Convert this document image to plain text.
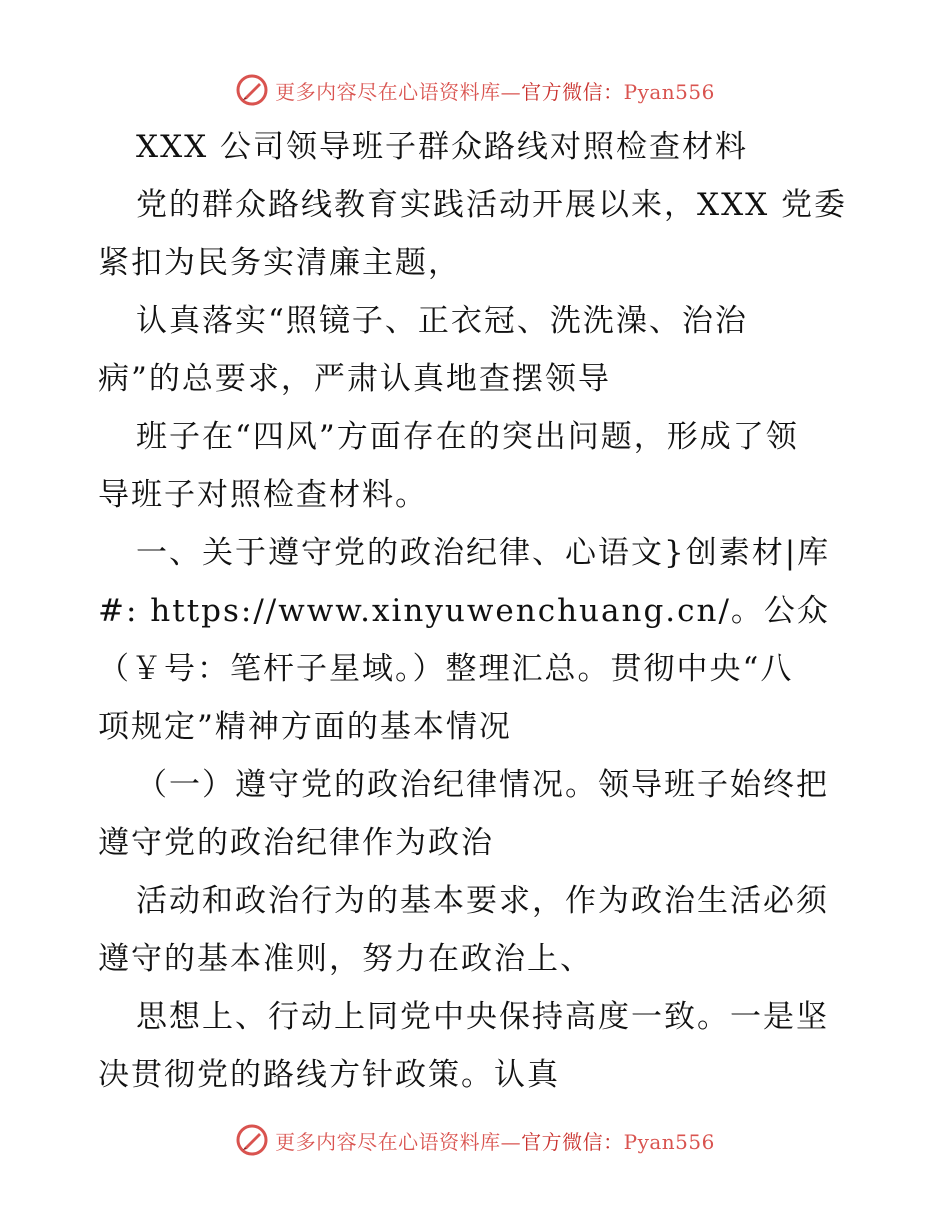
更多内容尽在心语资料库—官方微信：Pyan556
XXX 公司领导班子群众路线对照检查材料
党的群众路线教育实践活动开展以来，XXX 党委
紧扣为民务实清廉主题，
认真落实“照镜子、正衣冠、洗洗澡、治治
病”的总要求，严肃认真地查摆领导
班子在“四风”方面存在的突出问题，形成了领
导班子对照检查材料。
一、关于遵守党的政治纪律、心语文}创素材|库
#: https://www.xinyuwenchuang.cn/。公众
（￥号：笔杆子星域。）整理汇总。贯彻中央“八
项规定”精神方面的基本情况
（一）遵守党的政治纪律情况。领导班子始终把
遵守党的政治纪律作为政治
活动和政治行为的基本要求，作为政治生活必须
遵守的基本准则，努力在政治上、
思想上、行动上同党中央保持高度一致。一是坚
决贯彻党的路线方针政策。认真
更多内容尽在心语资料库—官方微信：Pyan556
